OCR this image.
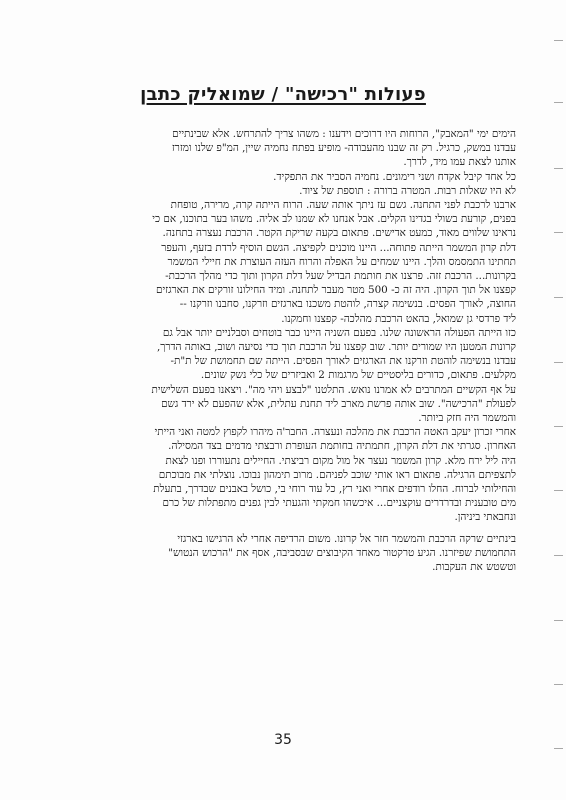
פעולות "רכישה" / שמואליק כתבן
הימים ימי "המאבק", הרוחות היו דרוכים וידענו : משהו צריך להתרחש. אלא שבינתיים
עבדנו במשק, כרגיל. רק זה שבנו מהעבודה- מופיע בפתח נחמיה שיין, המ"פ שלנו ומזרז
אותנו לצאת עמו מיד, לדרך.
כל אחד קיבל אקדח ושני רימונים. נחמיה הסביר את התפקיד.
לא היו שאלות רבות. המטרה ברורה : תוספת של ציוד.
ארבנו לרכבת לפני התחנה. גשם עז ניתך אותה שעה. הרוח הייתה קרה, מרירה, טופחת
בפנים, קורעת בשולי בגדינו הקלים. אבל אנחנו לא שמנו לב אליה. משהו בער בתוכנו, אם כי
נראינו שלווים מאוד, כמעט אדישים. פתאום בקעה שריקת הקטר. הרכבת נעצרה בתחנה.
דלת קרון המשמר הייתה פתוחה... היינו מוכנים לקפיצה. הגשם הוסיף לרדת בזעף, והעפר
תחתינו התמסמס והלך. היינו שמחים על האפלה והרוח העזה העוצרת את חיילי המשמר
בקרונות... הרכבת זזה. פרצנו את חותמת הבדיל שעל דלת הקרון ותוך כדי מהלך הרכבת-
קפצנו אל תוך הקרון. היה זה כ- 500 מטר מעבר לתחנה. ומיד החילונו זורקים את הארגזים
החוצה, לאורך הפסים. בנשימה קצרה, לוהטת משכנו בארגזים וזרקנו, סחבנו וזרקנו --
ליד פרדסי גן שמואל, בהאט הרכבת מהלכה- קפצנו וחמקנו.
כזו הייתה הפעולה הראשונה שלנו. בפעם השניה היינו כבר בוטחים וסבלניים יותר אבל גם
קרונות המטען היו שמורים יותר. שוב קפצנו על הרכבת תוך כדי נסיעה ושוב, באותה הדרך,
עבדנו בנשימה לוהטת וזרקנו את הארגזים לאורך הפסים. הייתה שם תחמושת של ת"ת-
מקלעים. פתאום, כדורים בליסטיים של מרגמות 2 ואביזרים של כלי נשק שונים.
על אף הקשיים המתרבים לא אמרנו נואש. התלטנו "לבצע ויהי מה". ויצאנו בפעם השלישית
לפעולת "הרכישה". שוב אותה פרשת מארב ליד תחנת עתלית, אלא שהפעם לא ירד גשם
והמשמר היה חזק ביותר.
אחרי זכרון יעקב האטה הרכבת את מהלכה ונעצרה. החבר'ה מיהרו לקפוץ למטה ואני הייתי
האחרון. סגרתי את דלת הקרון, חתמתיה בחותמת העופרת ורבצתי מדמים בצד המסילה.
היה ליל ירח מלא. קרון המשמר נעצר אל מול מקום רביצתי. החיילים נתעוררו ופנו לצאת
לתצפיתם הרגילה. פתאום ראו אותי שוכב לפניהם. מרוב תימהון נבוכו. נוצלתי את מבוכתם
והחילותי לברוח. החלו רודפים אחרי ואני רץ, כל עוד רוחי בי, כושל באבנים שבדרך, בתעלת
מים טובענית ובדרדרים עוקצניים... איכשהו חמקתי והגעתי לבין גפנים מתפתלות של כרם
ונחבאתי ביניהן.
בינתיים שרקה הרכבת והמשמר חזר אל קרונו. משום הרדיפה אחרי לא הרגישו בארגזי
התחמושת שפיזרנו. הגיע טרקטור מאחד הקיבוצים שבסביבה, אסף את "הרכוש הנטוש"
וטשטש את העקבות.
35
